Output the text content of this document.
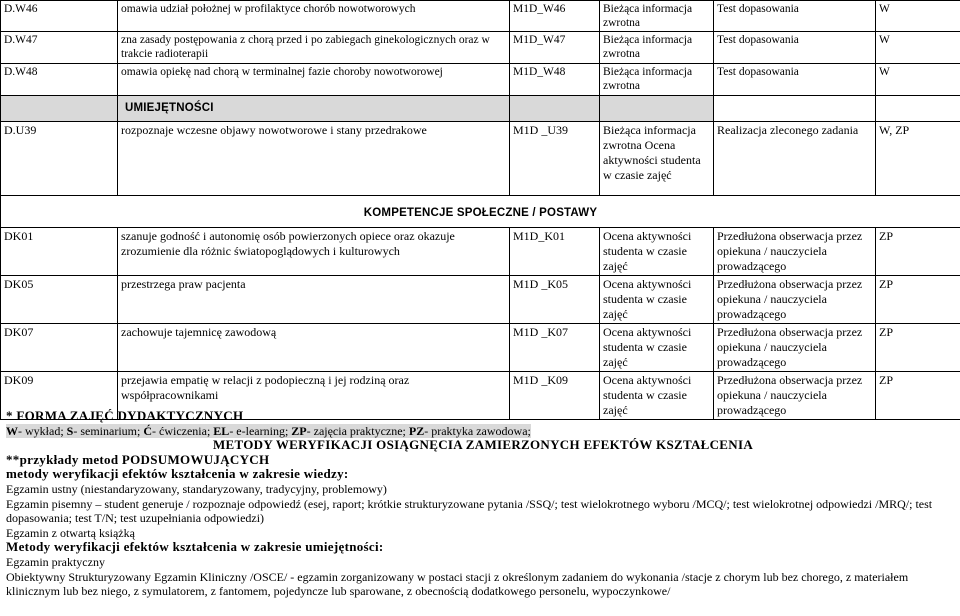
D.W46	omawia udział położnej w profilaktyce chorób nowotworowych	M1D_W46	Bieżąca informacja zwrotna	Test dopasowania	W
D.W47	zna zasady postępowania z chorą przed i po zabiegach ginekologicznych oraz w trakcie radioterapii	M1D_W47	Bieżąca informacja zwrotna	Test dopasowania	W
D.W48	omawia opiekę nad chorą w terminalnej fazie choroby nowotworowej	M1D_W48	Bieżąca informacja zwrotna	Test dopasowania	W
	UMIEJĘTNOŚCI				
D.U39	rozpoznaje wczesne objawy nowotworowe i stany przedrakowe	M1D _U39	Bieżąca informacja zwrotna Ocena aktywności studenta w czasie zajęć	Realizacja zleconego zadania	W, ZP
KOMPETENCJE SPOŁECZNE / POSTAWY					
DK01	szanuje godność i autonomię osób powierzonych opiece oraz okazuje zrozumienie dla różnic światopoglądowych i kulturowych	M1D_K01	Ocena aktywności studenta w czasie zajęć	Przedłużona obserwacja przez opiekuna / nauczyciela prowadzącego	ZP
DK05	przestrzega praw pacjenta	M1D _K05	Ocena aktywności studenta w czasie zajęć	Przedłużona obserwacja przez opiekuna / nauczyciela prowadzącego	ZP
DK07	zachowuje tajemnicę zawodową	M1D _K07	Ocena aktywności studenta w czasie zajęć	Przedłużona obserwacja przez opiekuna / nauczyciela prowadzącego	ZP
DK09	przejawia empatię w relacji z podopieczną i jej rodziną oraz współpracownikami	M1D _K09	Ocena aktywności studenta w czasie zajęć	Przedłużona obserwacja przez opiekuna / nauczyciela prowadzącego	ZP
* FORMA ZAJĘĆ DYDAKTYCZNYCH
W- wykład; S- seminarium; Ć- ćwiczenia; EL- e-learning; ZP- zajęcia praktyczne; PZ- praktyka zawodowa;
METODY WERYFIKACJI OSIĄGNĘCIA ZAMIERZONYCH EFEKTÓW KSZTAŁCENIA
**przykłady metod PODSUMOWUJĄCYCH
metody weryfikacji efektów kształcenia w zakresie wiedzy:
Egzamin ustny (niestandaryzowany, standaryzowany, tradycyjny, problemowy)
Egzamin pisemny – student generuje / rozpoznaje odpowiedź (esej, raport; krótkie strukturyzowane pytania /SSQ/; test wielokrotnego wyboru /MCQ/; test wielokrotnej odpowiedzi /MRQ/; test dopasowania; test T/N; test uzupełniania odpowiedzi)
Egzamin z otwartą książką
Metody weryfikacji efektów kształcenia w zakresie umiejętności:
Egzamin praktyczny
Obiektywny Strukturyzowany Egzamin Kliniczny /OSCE/ - egzamin zorganizowany w postaci stacji z określonym zadaniem do wykonania /stacje z chorym lub bez chorego, z materiałem klinicznym lub bez niego, z symulatorem, z fantomem, pojedyncze lub sparowane, z obecnością dodatkowego personelu, wypoczynkowe/
